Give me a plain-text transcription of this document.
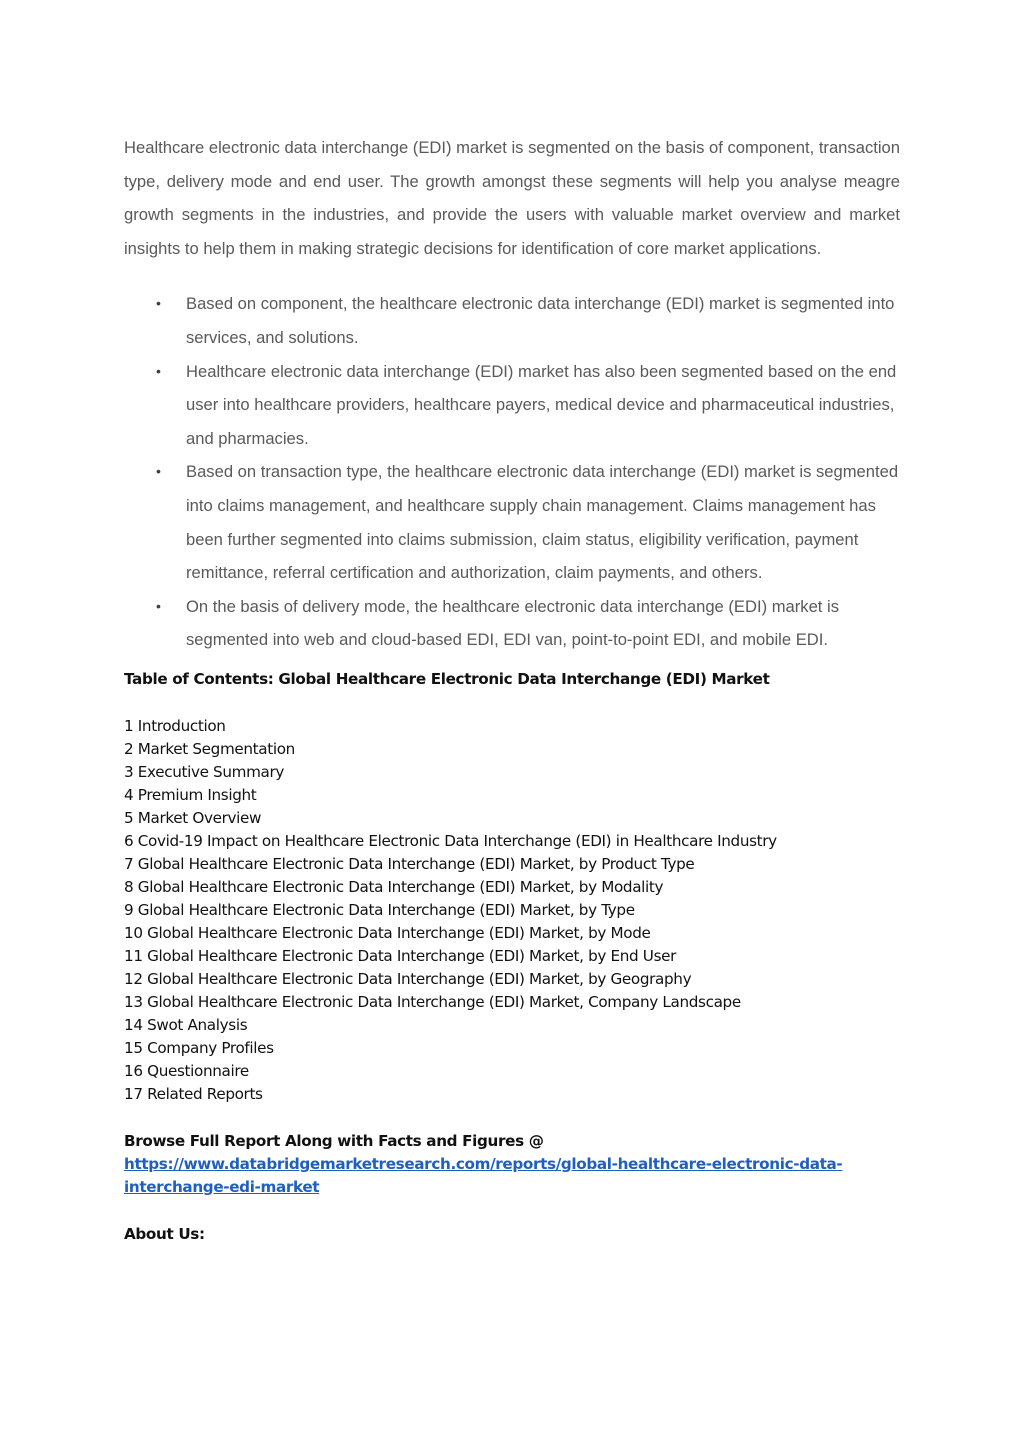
Healthcare electronic data interchange (EDI) market is segmented on the basis of component, transaction type, delivery mode and end user. The growth amongst these segments will help you analyse meagre growth segments in the industries, and provide the users with valuable market overview and market insights to help them in making strategic decisions for identification of core market applications.

• Based on component, the healthcare electronic data interchange (EDI) market is segmented into services, and solutions.
• Healthcare electronic data interchange (EDI) market has also been segmented based on the end user into healthcare providers, healthcare payers, medical device and pharmaceutical industries, and pharmacies.
• Based on transaction type, the healthcare electronic data interchange (EDI) market is segmented into claims management, and healthcare supply chain management. Claims management has been further segmented into claims submission, claim status, eligibility verification, payment remittance, referral certification and authorization, claim payments, and others.
• On the basis of delivery mode, the healthcare electronic data interchange (EDI) market is segmented into web and cloud-based EDI, EDI van, point-to-point EDI, and mobile EDI.
Table of Contents: Global Healthcare Electronic Data Interchange (EDI) Market
1 Introduction
2 Market Segmentation
3 Executive Summary
4 Premium Insight
5 Market Overview
6 Covid-19 Impact on Healthcare Electronic Data Interchange (EDI) in Healthcare Industry
7 Global Healthcare Electronic Data Interchange (EDI) Market, by Product Type
8 Global Healthcare Electronic Data Interchange (EDI) Market, by Modality
9 Global Healthcare Electronic Data Interchange (EDI) Market, by Type
10 Global Healthcare Electronic Data Interchange (EDI) Market, by Mode
11 Global Healthcare Electronic Data Interchange (EDI) Market, by End User
12 Global Healthcare Electronic Data Interchange (EDI) Market, by Geography
13 Global Healthcare Electronic Data Interchange (EDI) Market, Company Landscape
14 Swot Analysis
15 Company Profiles
16 Questionnaire
17 Related Reports
Browse Full Report Along with Facts and Figures @
https://www.databridgemarketresearch.com/reports/global-healthcare-electronic-data-interchange-edi-market
About Us:
